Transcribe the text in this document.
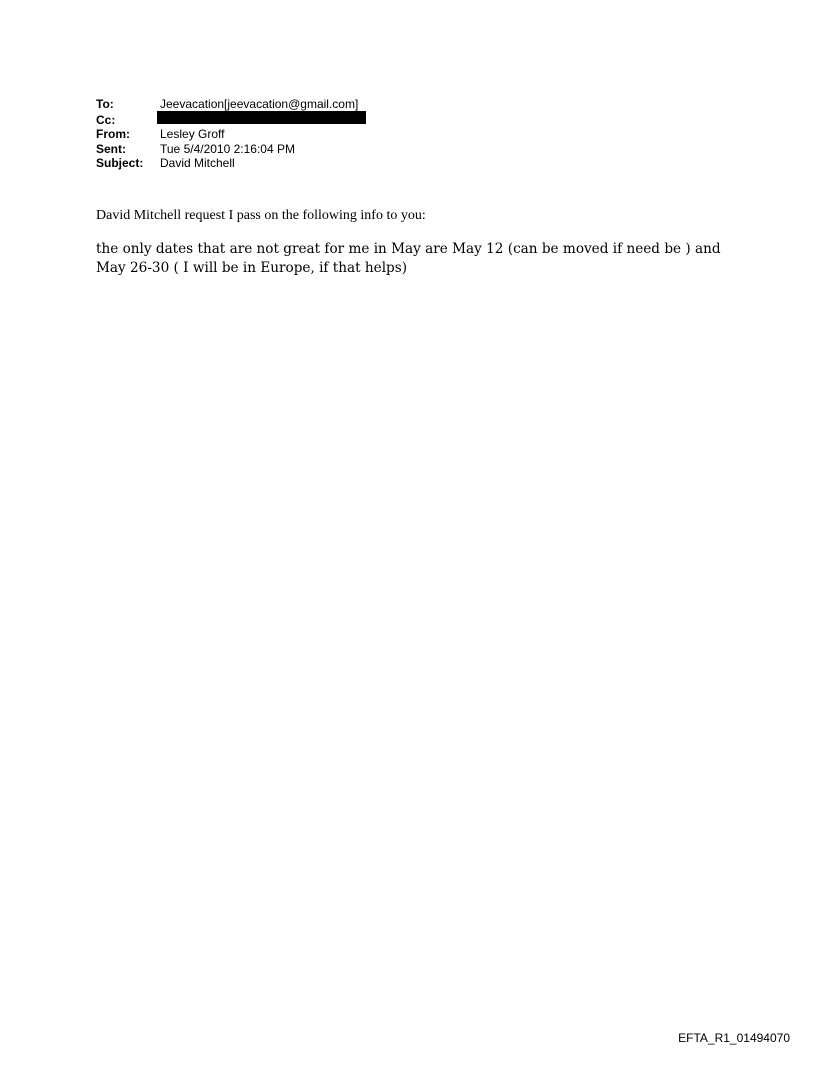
To:	Jeevacation[jeevacation@gmail.com]
Cc:
From:	Lesley Groff
Sent:	Tue 5/4/2010 2:16:04 PM
Subject:	David Mitchell
David Mitchell request I pass on the following info to you:
the only dates that are not great for me in May are May 12 (can be moved if need be ) and May 26-30 ( I will be in Europe, if that helps)
EFTA_R1_01494070
